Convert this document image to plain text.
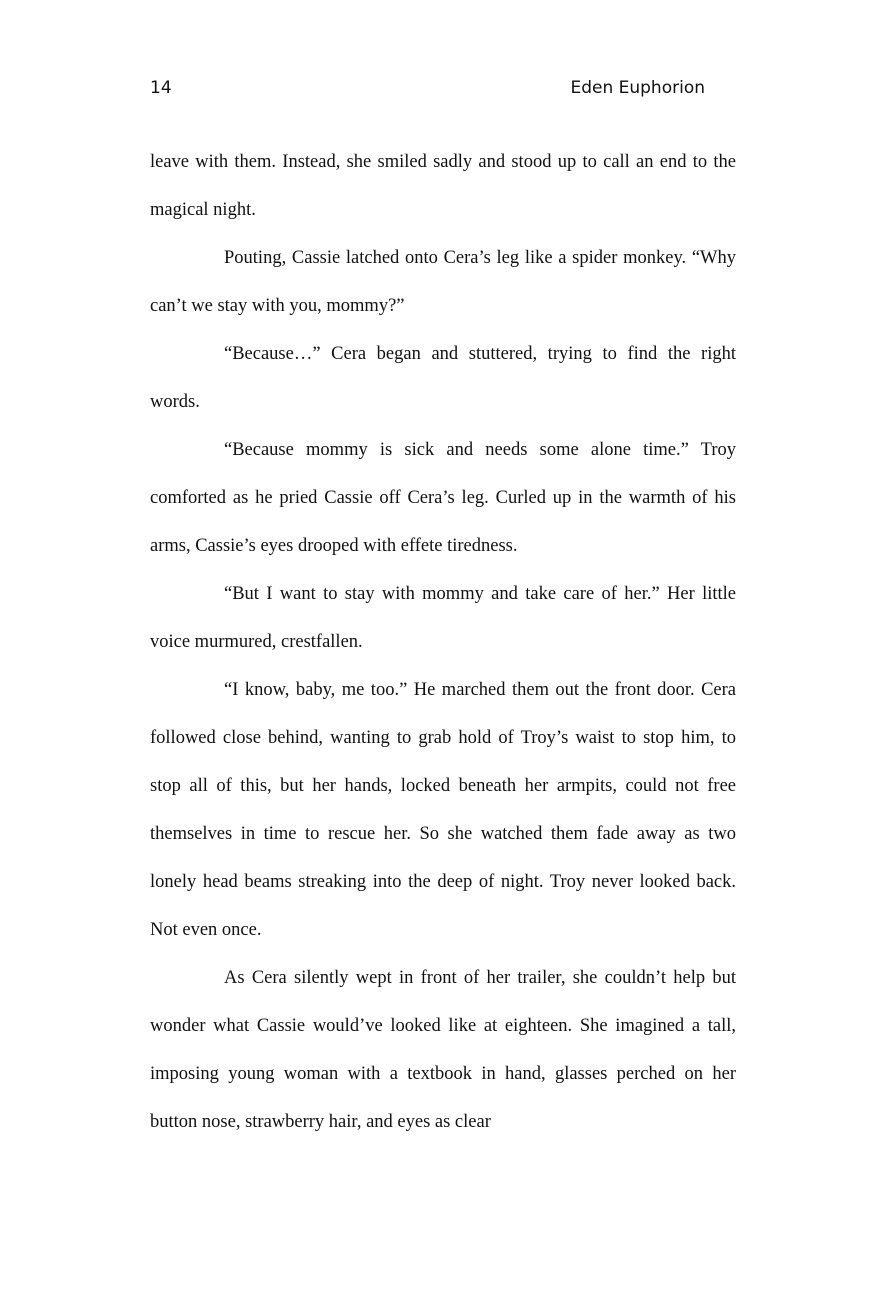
14	Eden Euphorion

leave with them. Instead, she smiled sadly and stood up to call an end to the magical night.

Pouting, Cassie latched onto Cera’s leg like a spider monkey. “Why can’t we stay with you, mommy?”

“Because…” Cera began and stuttered, trying to find the right words.

“Because mommy is sick and needs some alone time.” Troy comforted as he pried Cassie off Cera’s leg. Curled up in the warmth of his arms, Cassie’s eyes drooped with effete tiredness.

“But I want to stay with mommy and take care of her.” Her little voice murmured, crestfallen.

“I know, baby, me too.” He marched them out the front door. Cera followed close behind, wanting to grab hold of Troy’s waist to stop him, to stop all of this, but her hands, locked beneath her armpits, could not free themselves in time to rescue her. So she watched them fade away as two lonely head beams streaking into the deep of night. Troy never looked back. Not even once.

As Cera silently wept in front of her trailer, she couldn’t help but wonder what Cassie would’ve looked like at eighteen. She imagined a tall, imposing young woman with a textbook in hand, glasses perched on her button nose, strawberry hair, and eyes as clear
